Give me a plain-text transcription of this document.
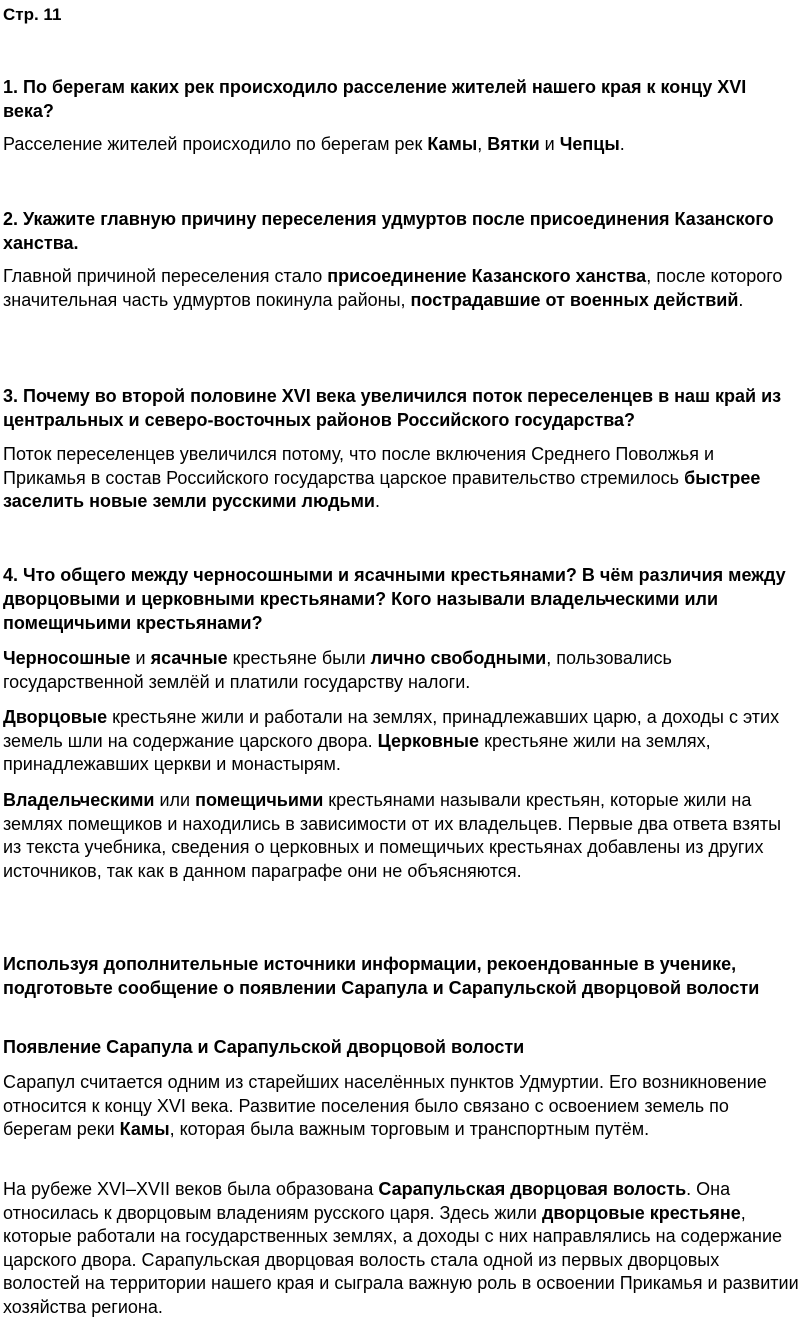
Стр. 11

1. По берегам каких рек происходило расселение жителей нашего края к концу XVI века?

Расселение жителей происходило по берегам рек Камы, Вятки и Чепцы.

2. Укажите главную причину переселения удмуртов после присоединения Казанского ханства.

Главной причиной переселения стало присоединение Казанского ханства, после которого значительная часть удмуртов покинула районы, пострадавшие от военных действий.

3. Почему во второй половине XVI века увеличился поток переселенцев в наш край из центральных и северо-восточных районов Российского государства?

Поток переселенцев увеличился потому, что после включения Среднего Поволжья и Прикамья в состав Российского государства царское правительство стремилось быстрее заселить новые земли русскими людьми.

4. Что общего между черносошными и ясачными крестьянами? В чём различия между дворцовыми и церковными крестьянами? Кого называли владельческими или помещичьими крестьянами?

Черносошные и ясачные крестьяне были лично свободными, пользовались государственной землёй и платили государству налоги.

Дворцовые крестьяне жили и работали на землях, принадлежавших царю, а доходы с этих земель шли на содержание царского двора. Церковные крестьяне жили на землях, принадлежавших церкви и монастырям.

Владельческими или помещичьими крестьянами называли крестьян, которые жили на землях помещиков и находились в зависимости от их владельцев. Первые два ответа взяты из текста учебника, сведения о церковных и помещичьих крестьянах добавлены из других источников, так как в данном параграфе они не объясняются.

Используя дополнительные источники информации, рекоендованные в ученике, подготовьте сообщение о появлении Сарапула и Сарапульской дворцовой волости

Появление Сарапула и Сарапульской дворцовой волости

Сарапул считается одним из старейших населённых пунктов Удмуртии. Его возникновение относится к концу XVI века. Развитие поселения было связано с освоением земель по берегам реки Камы, которая была важным торговым и транспортным путём.

На рубеже XVI–XVII веков была образована Сарапульская дворцовая волость. Она относилась к дворцовым владениям русского царя. Здесь жили дворцовые крестьяне, которые работали на государственных землях, а доходы с них направлялись на содержание царского двора. Сарапульская дворцовая волость стала одной из первых дворцовых волостей на территории нашего края и сыграла важную роль в освоении Прикамья и развитии хозяйства региона.
